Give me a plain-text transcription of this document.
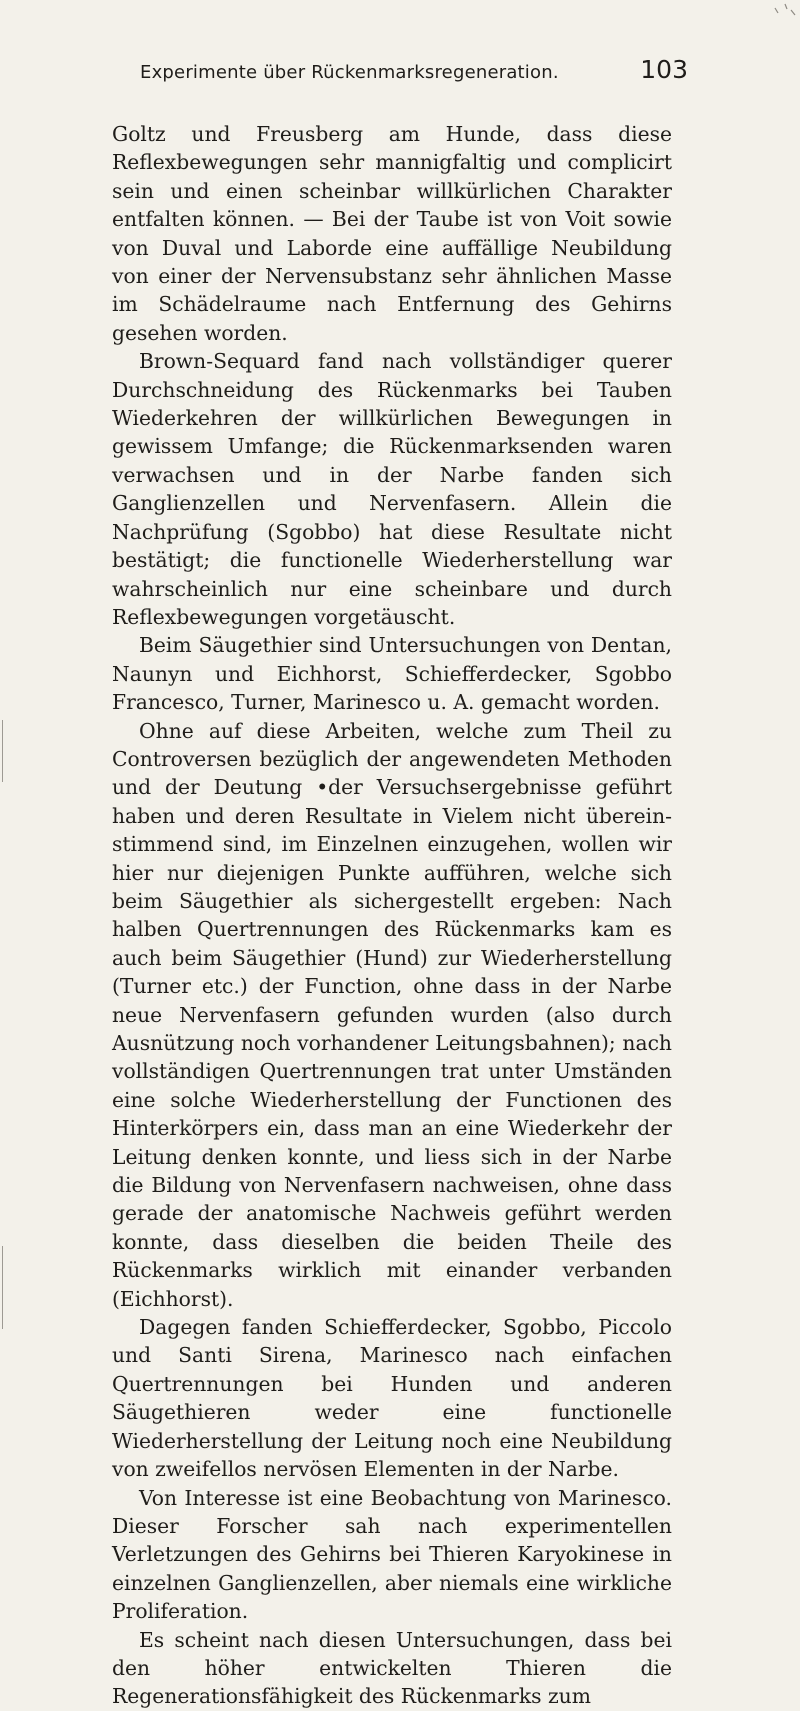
Experimente über Rückenmarksregeneration.	103

Goltz und Freusberg am Hunde, dass diese Reflexbewegungen sehr mannigfaltig und complicirt sein und einen scheinbar willkürlichen Charakter entfalten können. — Bei der Taube ist von Voit sowie von Duval und Laborde eine auffällige Neubildung von einer der Nervensubstanz sehr ähnlichen Masse im Schädelraume nach Entfernung des Gehirns gesehen worden.

Brown-Sequard fand nach vollständiger querer Durchschneidung des Rückenmarks bei Tauben Wiederkehren der willkürlichen Bewegungen in gewissem Umfange; die Rückenmarksenden waren verwachsen und in der Narbe fanden sich Ganglienzellen und Nervenfasern. Allein die Nachprüfung (Sgobbo) hat diese Resultate nicht bestätigt; die functionelle Wiederherstellung war wahrscheinlich nur eine scheinbare und durch Reflexbewegungen vorgetäuscht.

Beim Säugethier sind Untersuchungen von Dentan, Naunyn und Eichhorst, Schiefferdecker, Sgobbo Francesco, Turner, Marinesco u. A. gemacht worden.

Ohne auf diese Arbeiten, welche zum Theil zu Controversen bezüglich der angewendeten Methoden und der Deutung •der Versuchsergebnisse geführt haben und deren Resultate in Vielem nicht überein-stimmend sind, im Einzelnen einzugehen, wollen wir hier nur diejenigen Punkte aufführen, welche sich beim Säugethier als sichergestellt ergeben: Nach halben Quertrennungen des Rückenmarks kam es auch beim Säugethier (Hund) zur Wiederherstellung (Turner etc.) der Function, ohne dass in der Narbe neue Nervenfasern gefunden wurden (also durch Ausnützung noch vorhandener Leitungsbahnen); nach vollständigen Quertrennungen trat unter Umständen eine solche Wiederherstellung der Functionen des Hinterkörpers ein, dass man an eine Wiederkehr der Leitung denken konnte, und liess sich in der Narbe die Bildung von Nervenfasern nachweisen, ohne dass gerade der anatomische Nachweis geführt werden konnte, dass dieselben die beiden Theile des Rückenmarks wirklich mit einander verbanden (Eichhorst).

Dagegen fanden Schiefferdecker, Sgobbo, Piccolo und Santi Sirena, Marinesco nach einfachen Quertrennungen bei Hunden und anderen Säugethieren weder eine functionelle Wiederherstellung der Leitung noch eine Neubildung von zweifellos nervösen Elementen in der Narbe.

Von Interesse ist eine Beobachtung von Marinesco. Dieser Forscher sah nach experimentellen Verletzungen des Gehirns bei Thieren Karyokinese in einzelnen Ganglienzellen, aber niemals eine wirkliche Proliferation.

Es scheint nach diesen Untersuchungen, dass bei den höher entwickelten Thieren die Regenerationsfähigkeit des Rückenmarks zum
